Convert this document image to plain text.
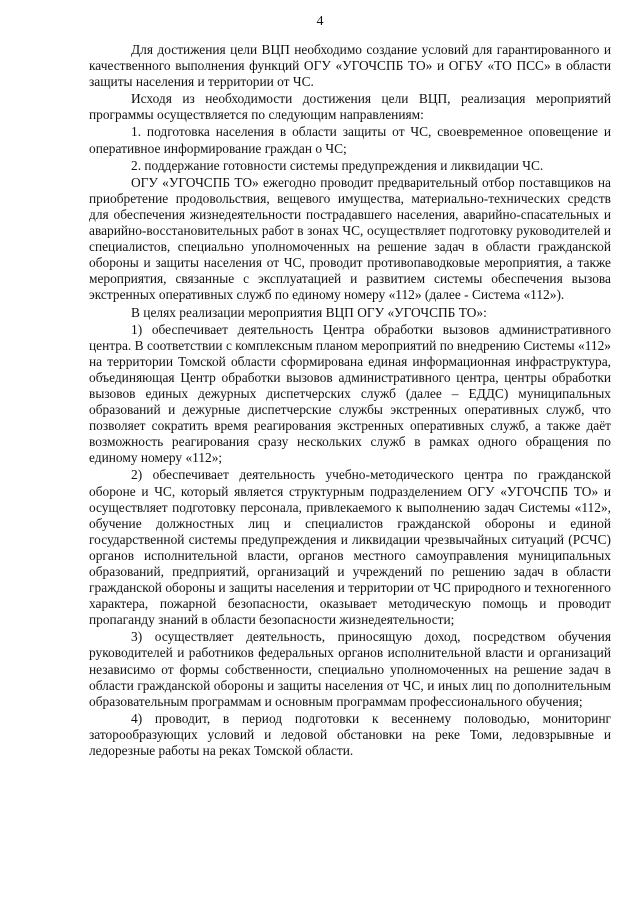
4

Для достижения цели ВЦП необходимо создание условий для гарантированного и качественного выполнения функций ОГУ «УГОЧСПБ ТО» и ОГБУ «ТО ПСС» в области защиты населения и территории от ЧС.

Исходя из необходимости достижения цели ВЦП, реализация мероприятий программы осуществляется по следующим направлениям:

1. подготовка населения в области защиты от ЧС, своевременное оповещение и оперативное информирование граждан о ЧС;

2. поддержание готовности системы предупреждения и ликвидации ЧС.

ОГУ «УГОЧСПБ ТО» ежегодно проводит предварительный отбор поставщиков на приобретение продовольствия, вещевого имущества, материально-технических средств для обеспечения жизнедеятельности пострадавшего населения, аварийно-спасательных и аварийно-восстановительных работ в зонах ЧС, осуществляет подготовку руководителей и специалистов, специально уполномоченных на решение задач в области гражданской обороны и защиты населения от ЧС, проводит противопаводковые мероприятия, а также мероприятия, связанные с эксплуатацией и развитием системы обеспечения вызова экстренных оперативных служб по единому номеру «112» (далее - Система «112»).

В целях реализации мероприятия ВЦП ОГУ «УГОЧСПБ ТО»:

1) обеспечивает деятельность Центра обработки вызовов административного центра. В соответствии с комплексным планом мероприятий по внедрению Системы «112» на территории Томской области сформирована единая информационная инфраструктура, объединяющая Центр обработки вызовов административного центра, центры обработки вызовов единых дежурных диспетчерских служб (далее – ЕДДС) муниципальных образований и дежурные диспетчерские службы экстренных оперативных служб, что позволяет сократить время реагирования экстренных оперативных служб, а также даёт возможность реагирования сразу нескольких служб в рамках одного обращения по единому номеру «112»;

2) обеспечивает деятельность учебно-методического центра по гражданской обороне и ЧС, который является структурным подразделением ОГУ «УГОЧСПБ ТО» и осуществляет подготовку персонала, привлекаемого к выполнению задач Системы «112», обучение должностных лиц и специалистов гражданской обороны и единой государственной системы предупреждения и ликвидации чрезвычайных ситуаций (РСЧС) органов исполнительной власти, органов местного самоуправления муниципальных образований, предприятий, организаций и учреждений по решению задач в области гражданской обороны и защиты населения и территории от ЧС природного и техногенного характера, пожарной безопасности, оказывает методическую помощь и проводит пропаганду знаний в области безопасности жизнедеятельности;

3) осуществляет деятельность, приносящую доход, посредством обучения руководителей и работников федеральных органов исполнительной власти и организаций независимо от формы собственности, специально уполномоченных на решение задач в области гражданской обороны и защиты населения от ЧС, и иных лиц по дополнительным образовательным программам и основным программам профессионального обучения;

4) проводит, в период подготовки к весеннему половодью, мониторинг заторообразующих условий и ледовой обстановки на реке Томи, ледовзрывные и ледорезные работы на реках Томской области.
